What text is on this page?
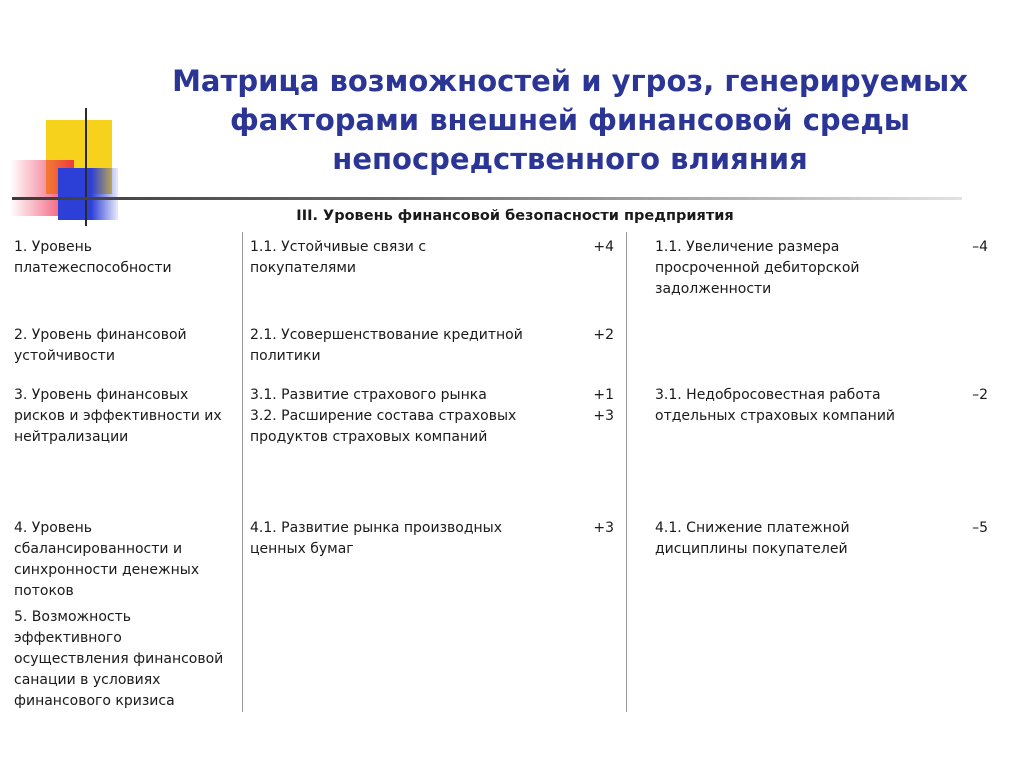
Матрица возможностей и угроз, генерируемых факторами внешней финансовой среды непосредственного влияния
III. Уровень финансовой безопасности предприятия
1. Уровень
платежеспособности
1.1. Устойчивые связи с
покупателями
+4	1.1. Увеличение размера
просроченной дебиторской
задолженности
–4
2. Уровень финансовой
устойчивости
2.1. Усовершенствование кредитной
политики
+2
3. Уровень финансовых
рисков и эффективности их
нейтрализации
3.1. Развитие страхового рынка
3.2. Расширение состава страховых
продуктов страховых компаний
+1
+3
3.1. Недобросовестная работа
отдельных страховых компаний
–2
4. Уровень
сбалансированности и
синхронности денежных
потоков
4.1. Развитие рынка производных
ценных бумаг
+3	4.1. Снижение платежной
дисциплины покупателей
–5
5. Возможность
эффективного
осуществления финансовой
санации в условиях
финансового кризиса
